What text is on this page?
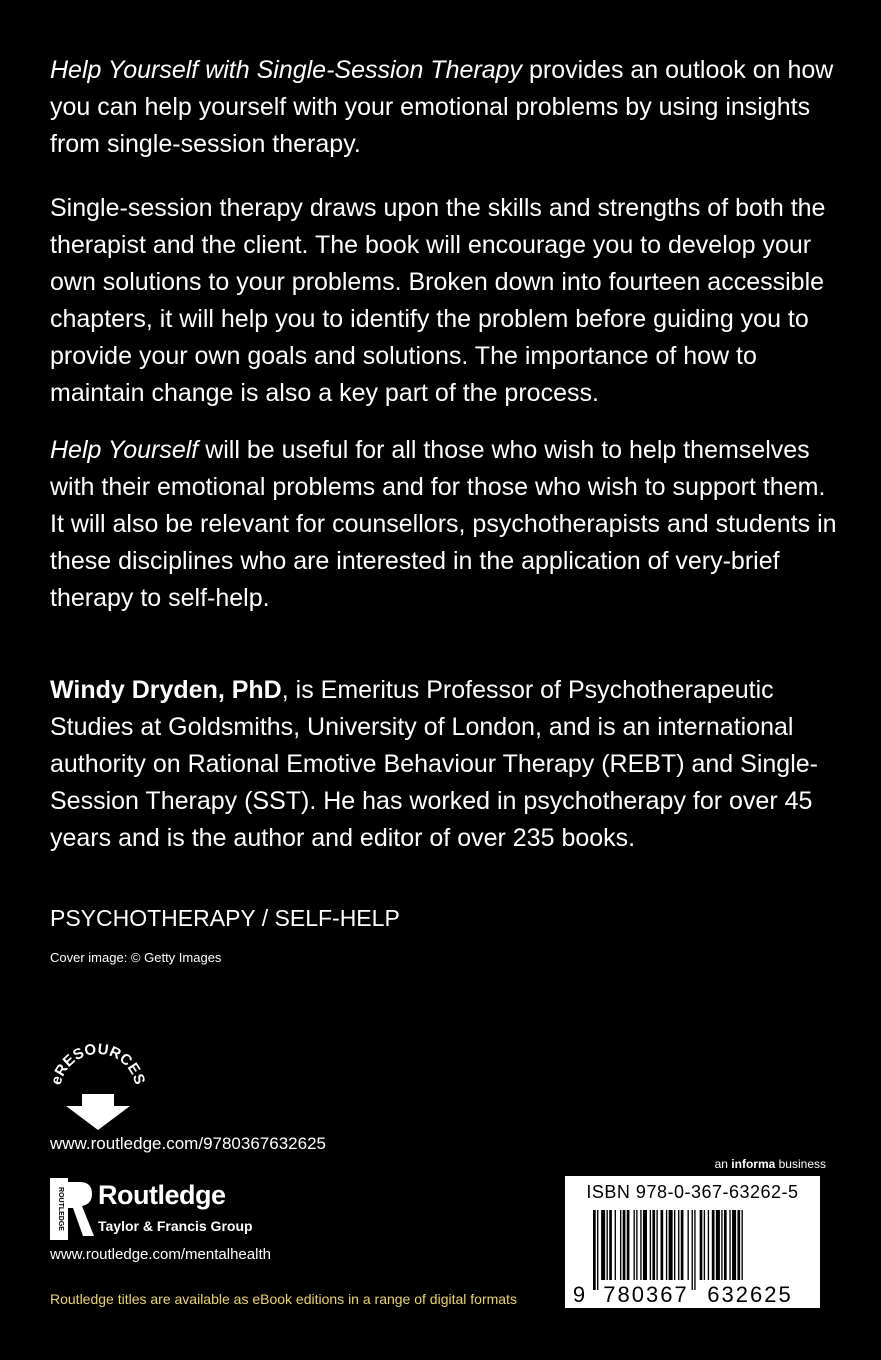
Help Yourself with Single-Session Therapy provides an outlook on how you can help yourself with your emotional problems by using insights from single-session therapy.

Single-session therapy draws upon the skills and strengths of both the therapist and the client. The book will encourage you to develop your own solutions to your problems. Broken down into fourteen accessible chapters, it will help you to identify the problem before guiding you to provide your own goals and solutions. The importance of how to maintain change is also a key part of the process.

Help Yourself will be useful for all those who wish to help themselves with their emotional problems and for those who wish to support them. It will also be relevant for counsellors, psychotherapists and students in these disciplines who are interested in the application of very-brief therapy to self-help.

Windy Dryden, PhD, is Emeritus Professor of Psychotherapeutic Studies at Goldsmiths, University of London, and is an international authority on Rational Emotive Behaviour Therapy (REBT) and Single-Session Therapy (SST). He has worked in psychotherapy for over 45 years and is the author and editor of over 235 books.

PSYCHOTHERAPY / SELF-HELP

Cover image: © Getty Images

eRESOURCES

www.routledge.com/9780367632625

ROUTLEDGE Routledge

Taylor & Francis Group

www.routledge.com/mentalhealth

Routledge titles are available as eBook editions in a range of digital formats

an informa business

ISBN 978-0-367-63262-5

9 780367 632625
